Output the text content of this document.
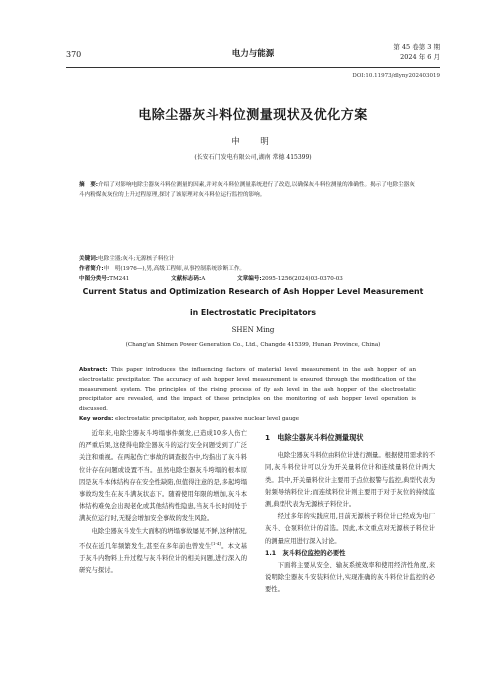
370	电力与能源
第 45 卷第 3 期
2024 年 6 月
DOI:10.11973/dlyny202403019
电除尘器灰斗料位测量现状及优化方案
申　明
(长安石门发电有限公司,湖南 常德 415399)
摘　要:介绍了对影响电除尘器灰斗料位测量的因素,并对灰斗料位测量系统进行了改造,以确保灰斗料位测量的准确性。揭示了电除尘器灰斗内粉煤灰灰位的上升过程原理,探讨了该原理对灰斗料位运行监控的影响。
关键词:电除尘器;灰斗;无源核子料位计
作者简介:申　明(1976—),男,高级工程师,从事控制系统诊断工作。
中图分类号:TM241	文献标志码:A	文章编号:2095-1256(2024)03-0370-03
Current Status and Optimization Research of Ash Hopper Level Measurement
in Electrostatic Precipitators
SHEN Ming
(Chang'an Shimen Power Generation Co., Ltd., Changde 415399, Hunan Province, China)
Abstract: This paper introduces the influencing factors of material level measurement in the ash hopper of an electrostatic precipitator. The accuracy of ash hopper level measurement is ensured through the modification of the measurement system. The principles of the rising process of fly ash level in the ash hopper of the electrostatic precipitator are revealed, and the impact of these principles on the monitoring of ash hopper level operation is discussed.
Key words: electrostatic precipitator, ash hopper, passive nuclear level gauge

近年来,电除尘器灰斗垮塌事件频发,已造成10多人伤亡的严重后果,这使得电除尘器灰斗的运行安全问题受到了广泛关注和重视。在两起伤亡事故的调查报告中,均指出了灰斗料位计存在问题或设置不当。虽然电除尘器灰斗垮塌的根本原因是灰斗本体结构存在安全性缺陷,但值得注意的是,多起垮塌事故均发生在灰斗满灰状态下。随着使用年限的增加,灰斗本体结构难免会出现老化或其他结构性隐患,当灰斗长时间处于满灰位运行时,无疑会增加安全事故的发生风险。

电除尘器灰斗发生大面积的坍塌事故屡见不鲜,这种情况,不仅在近几年频繁发生,甚至在多年前也曾发生[1-4]。本文基于灰斗内物料上升过程与灰斗料位计的相关问题,进行深入的研究与探讨。

1　电除尘器灰斗料位测量现状

电除尘器灰斗料位由料位计进行测量。根据使用需求的不同,灰斗料位计可以分为开关量料位计和连续量料位计两大类。其中,开关量料位计主要用于点位报警与监控,典型代表为射频导纳料位计;而连续料位计则主要用于对于灰位的持续监测,典型代表为无源核子料位计。

经过多年的实践应用,目前无源核子料位计已经成为电厂灰斗、仓泵料位计的首选。因此,本文重点对无源核子料位计的测量应用进行深入讨论。

1.1　灰斗料位监控的必要性

下面将主要从安全、输灰系统效率和使用经济性角度,来说明除尘器灰斗安装料位计,实现准确的灰斗料位计监控的必要性。
